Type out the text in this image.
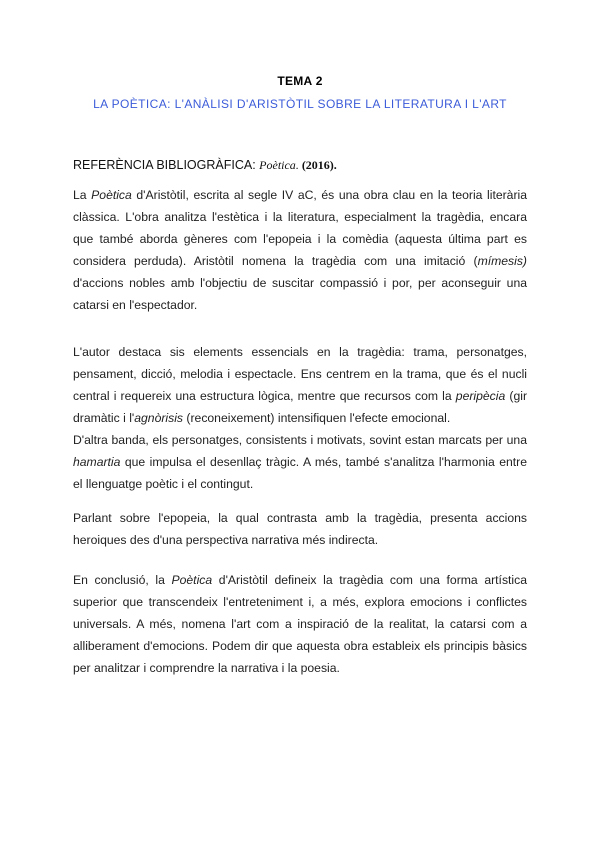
TEMA 2
LA POÈTICA: L'ANÀLISI D'ARISTÒTIL SOBRE LA LITERATURA I L'ART
REFERÈNCIA BIBLIOGRÀFICA: Poètica. (2016).

La Poètica d'Aristòtil, escrita al segle IV aC, és una obra clau en la teoria literària clàssica. L'obra analitza l'estètica i la literatura, especialment la tragèdia, encara que també aborda gèneres com l'epopeia i la comèdia (aquesta última part es considera perduda). Aristòtil nomena la tragèdia com una imitació (mímesis) d'accions nobles amb l'objectiu de suscitar compassió i por, per aconseguir una catarsi en l'espectador.

L'autor destaca sis elements essencials en la tragèdia: trama, personatges, pensament, dicció, melodia i espectacle. Ens centrem en la trama, que és el nucli central i requereix una estructura lògica, mentre que recursos com la peripècia (gir dramàtic i l'agnòrisis (reconeixement) intensifiquen l'efecte emocional.

D'altra banda, els personatges, consistents i motivats, sovint estan marcats per una hamartia que impulsa el desenllaç tràgic. A més, també s'analitza l'harmonia entre el llenguatge poètic i el contingut.

Parlant sobre l'epopeia, la qual contrasta amb la tragèdia, presenta accions heroiques des d'una perspectiva narrativa més indirecta.

En conclusió, la Poètica d'Aristòtil defineix la tragèdia com una forma artística superior que transcendeix l'entreteniment i, a més, explora emocions i conflictes universals. A més, nomena l'art com a inspiració de la realitat, la catarsi com a alliberament d'emocions. Podem dir que aquesta obra estableix els principis bàsics per analitzar i comprendre la narrativa i la poesia.
